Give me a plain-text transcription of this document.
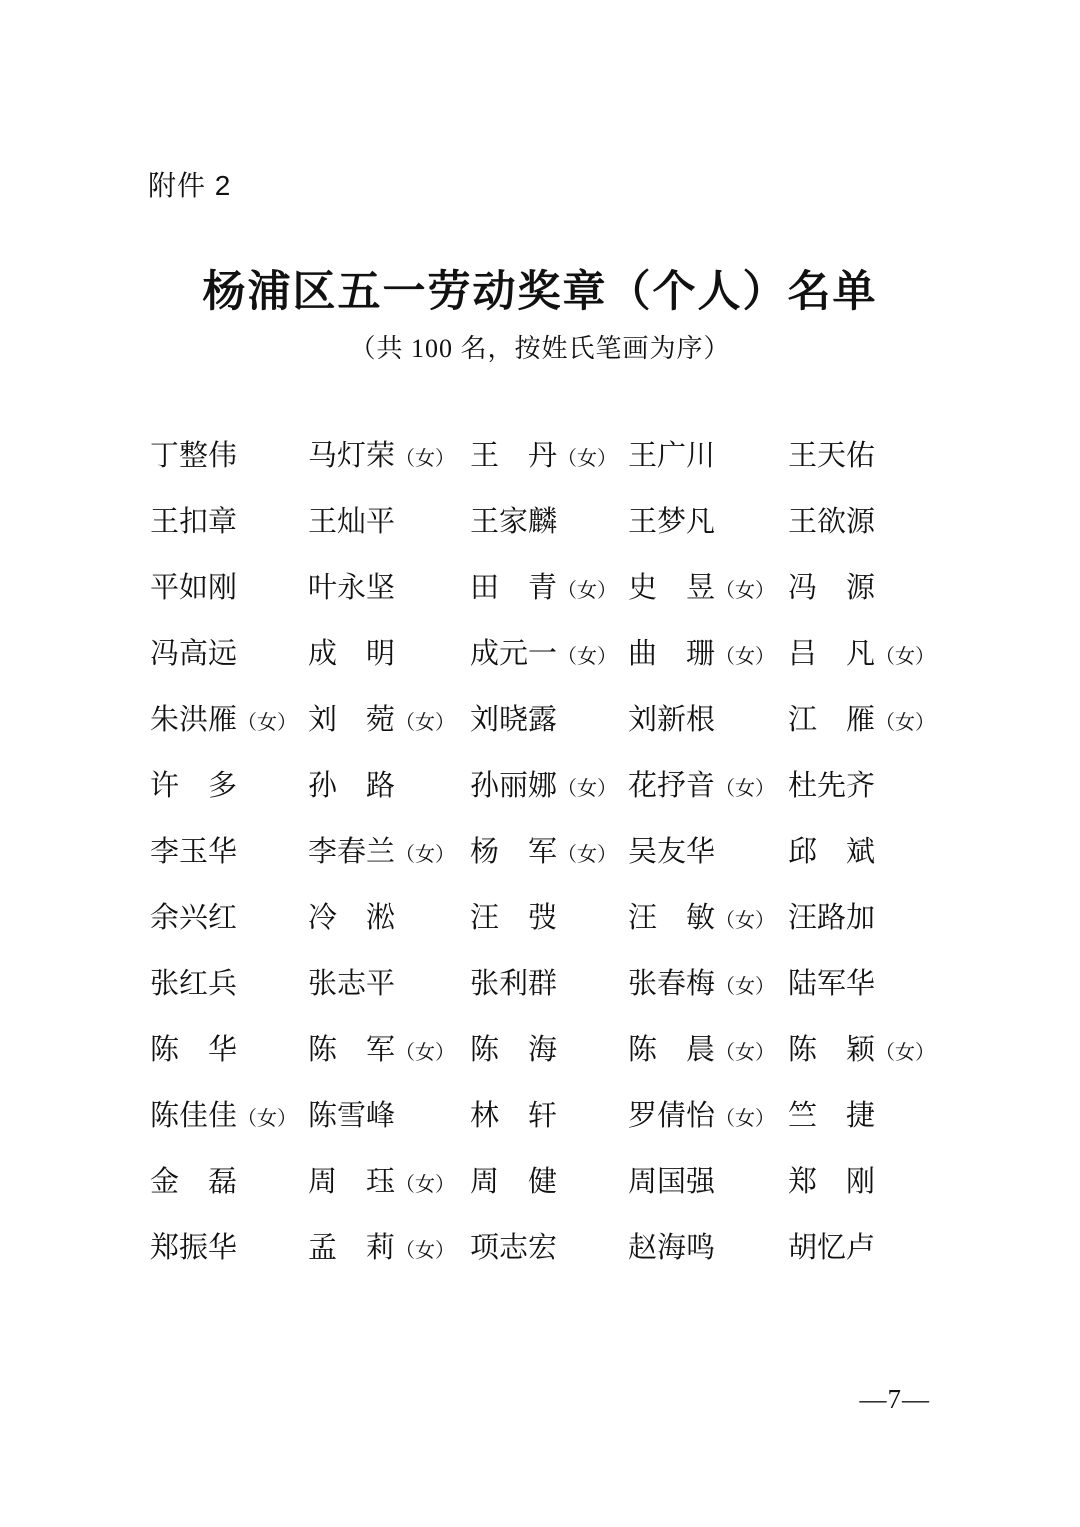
附件 2
杨浦区五一劳动奖章（个人）名单
（共 100 名，按姓氏笔画为序）
丁整伟	马灯荣（女）	王　丹（女）	王广川	王天佑
王扣章	王灿平	王家麟	王梦凡	王欲源
平如刚	叶永坚	田　青（女）	史　昱（女）	冯　源
冯高远	成　明	成元一（女）	曲　珊（女）	吕　凡（女）
朱洪雁（女）	刘　菀（女）	刘晓露	刘新根	江　雁（女）
许　多	孙　路	孙丽娜（女）	花抒音（女）	杜先齐
李玉华	李春兰（女）	杨　军（女）	吴友华	邱　斌
余兴红	冷　淞	汪　弢	汪　敏（女）	汪路加
张红兵	张志平	张利群	张春梅（女）	陆军华
陈　华	陈　军（女）	陈　海	陈　晨（女）	陈　颖（女）
陈佳佳（女）	陈雪峰	林　轩	罗倩怡（女）	竺　捷
金　磊	周　珏（女）	周　健	周国强	郑　刚
郑振华	孟　莉（女）	项志宏	赵海鸣	胡忆卢
—7—
